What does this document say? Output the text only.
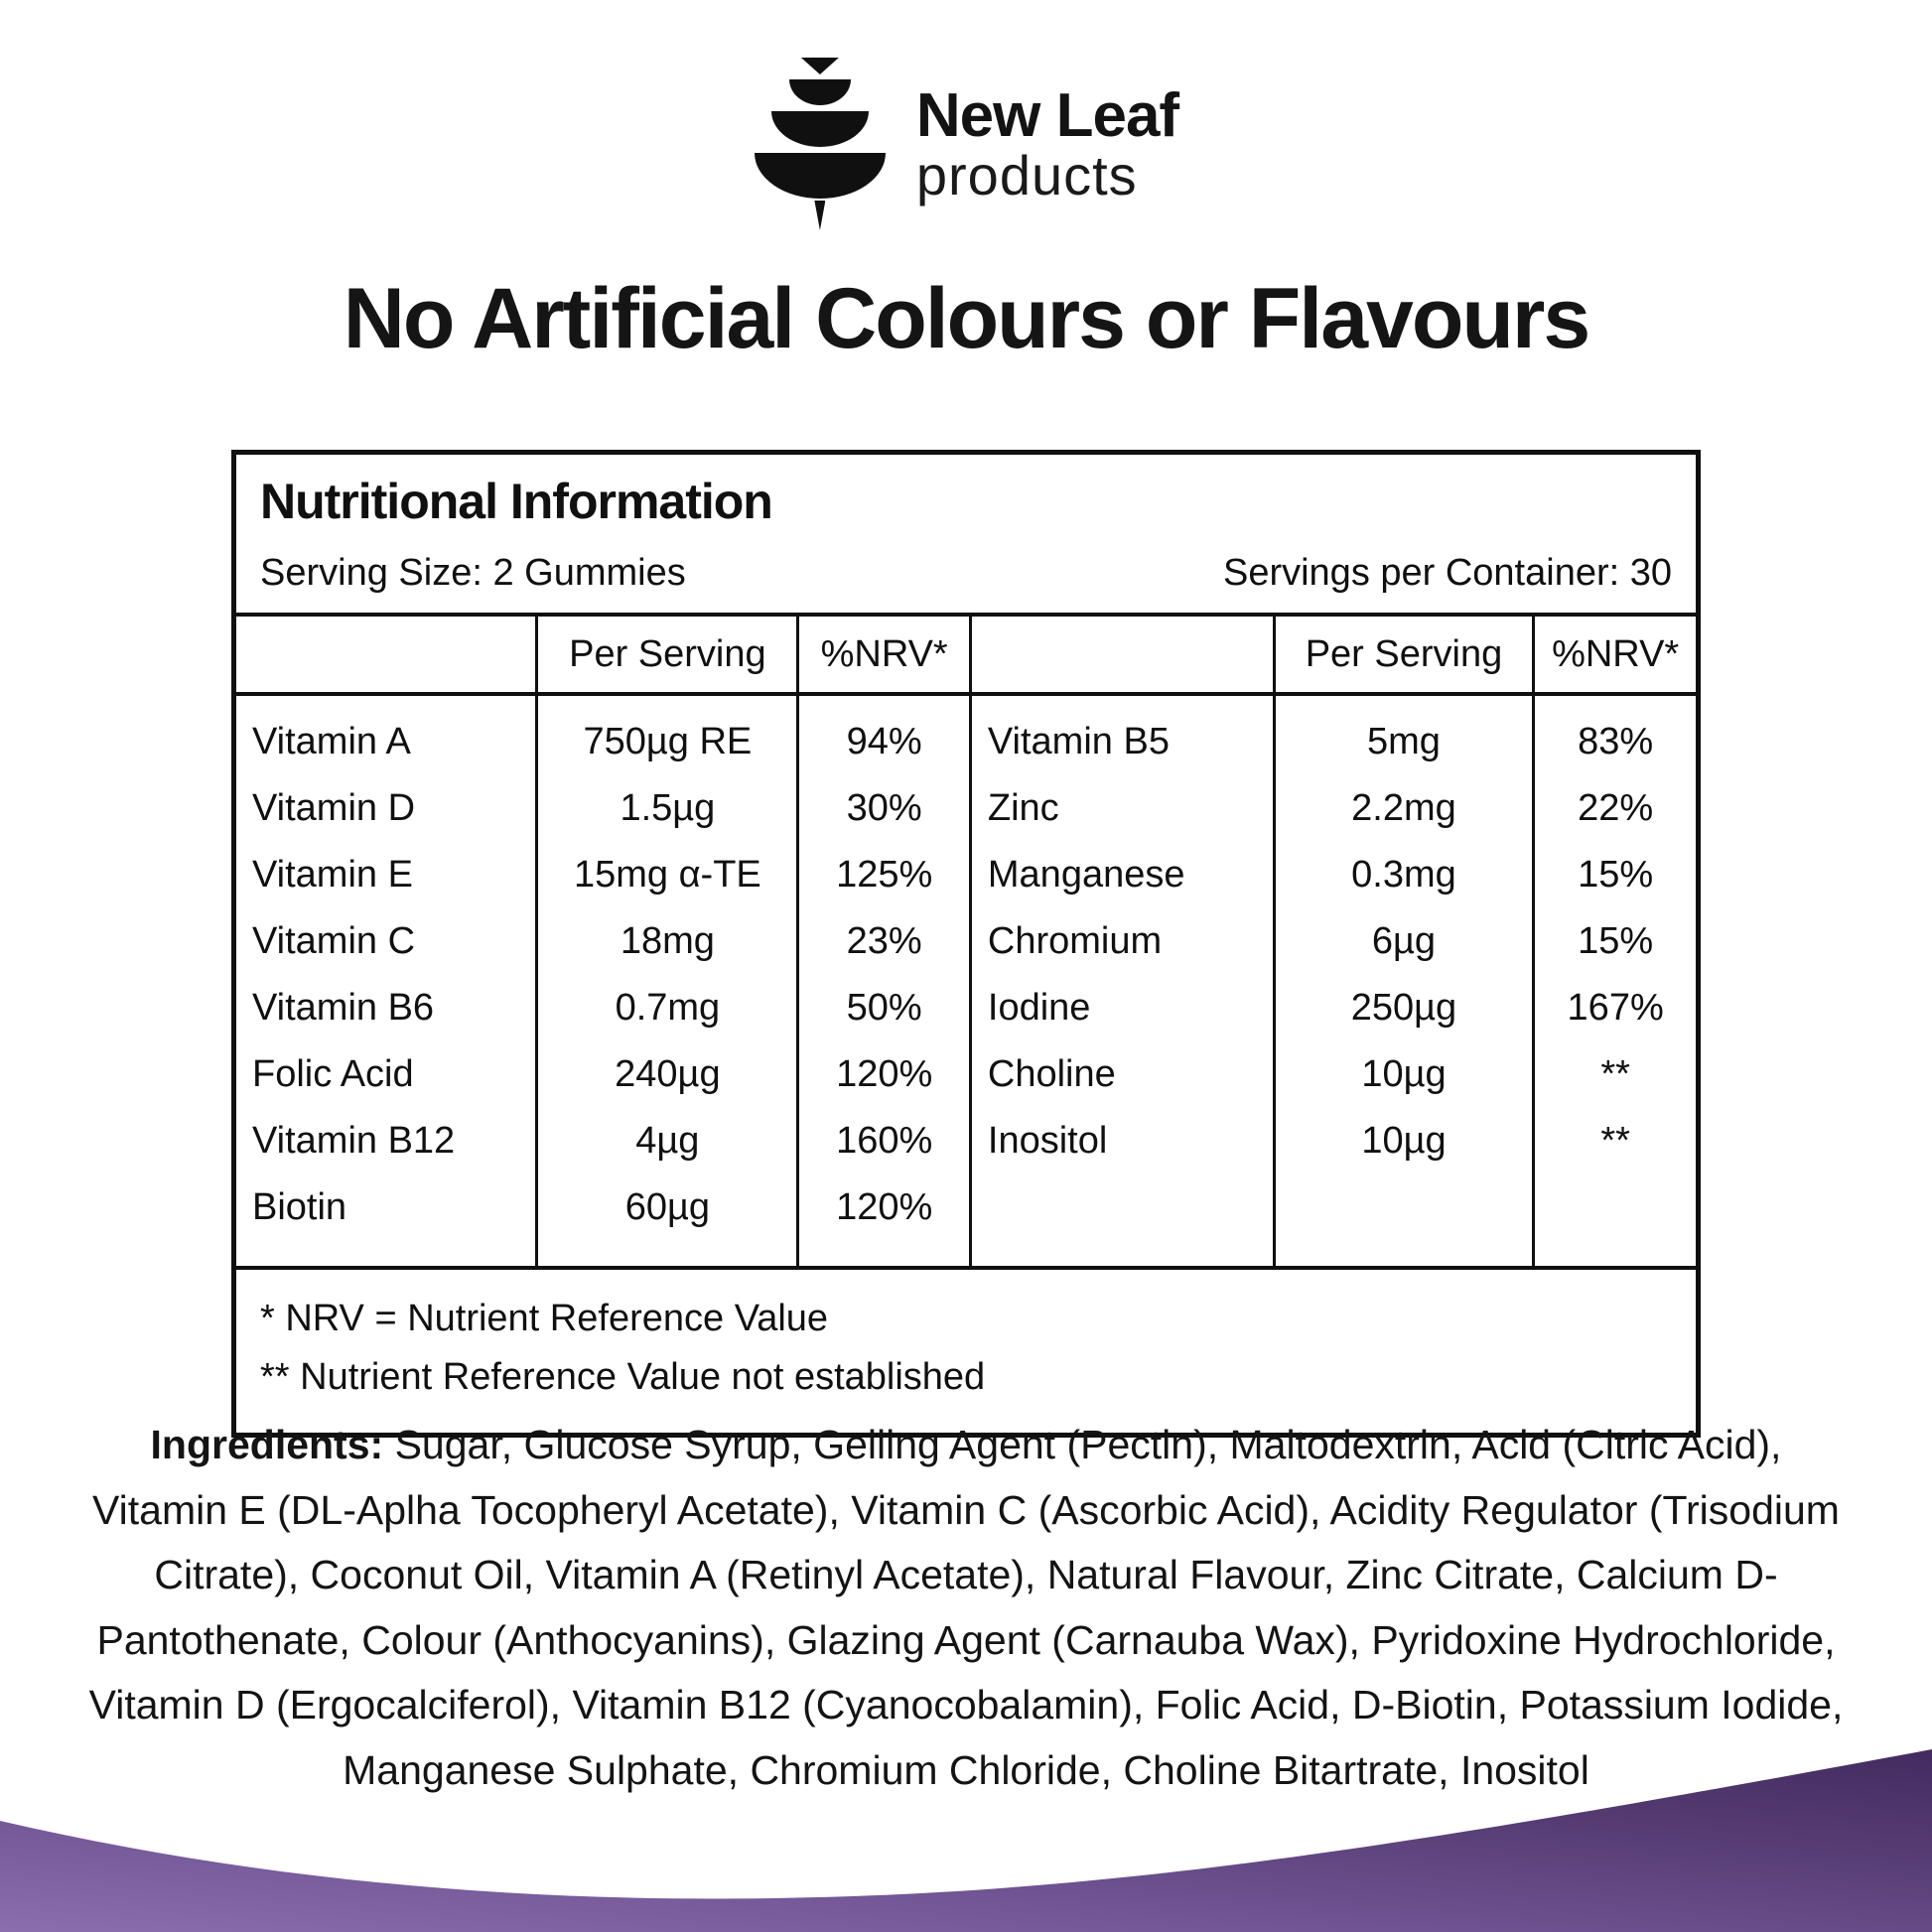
New Leaf
products
No Artificial Colours or Flavours
Nutritional Information
Serving Size: 2 Gummies	Servings per Container: 30
	Per Serving	%NRV*		Per Serving	%NRV*
Vitamin A	750µg RE	94%	Vitamin B5	5mg	83%
Vitamin D	1.5µg	30%	Zinc	2.2mg	22%
Vitamin E	15mg α-TE	125%	Manganese	0.3mg	15%
Vitamin C	18mg	23%	Chromium	6µg	15%
Vitamin B6	0.7mg	50%	Iodine	250µg	167%
Folic Acid	240µg	120%	Choline	10µg	**
Vitamin B12	4µg	160%	Inositol	10µg	**
Biotin	60µg	120%			
* NRV = Nutrient Reference Value
** Nutrient Reference Value not established

Ingredients: Sugar, Glucose Syrup, Gelling Agent (Pectin), Maltodextrin, Acid (Citric Acid), Vitamin E (DL-Aplha Tocopheryl Acetate), Vitamin C (Ascorbic Acid), Acidity Regulator (Trisodium Citrate), Coconut Oil, Vitamin A (Retinyl Acetate), Natural Flavour, Zinc Citrate, Calcium D-Pantothenate, Colour (Anthocyanins), Glazing Agent (Carnauba Wax), Pyridoxine Hydrochloride, Vitamin D (Ergocalciferol), Vitamin B12 (Cyanocobalamin), Folic Acid, D-Biotin, Potassium Iodide, Manganese Sulphate, Chromium Chloride, Choline Bitartrate, Inositol
